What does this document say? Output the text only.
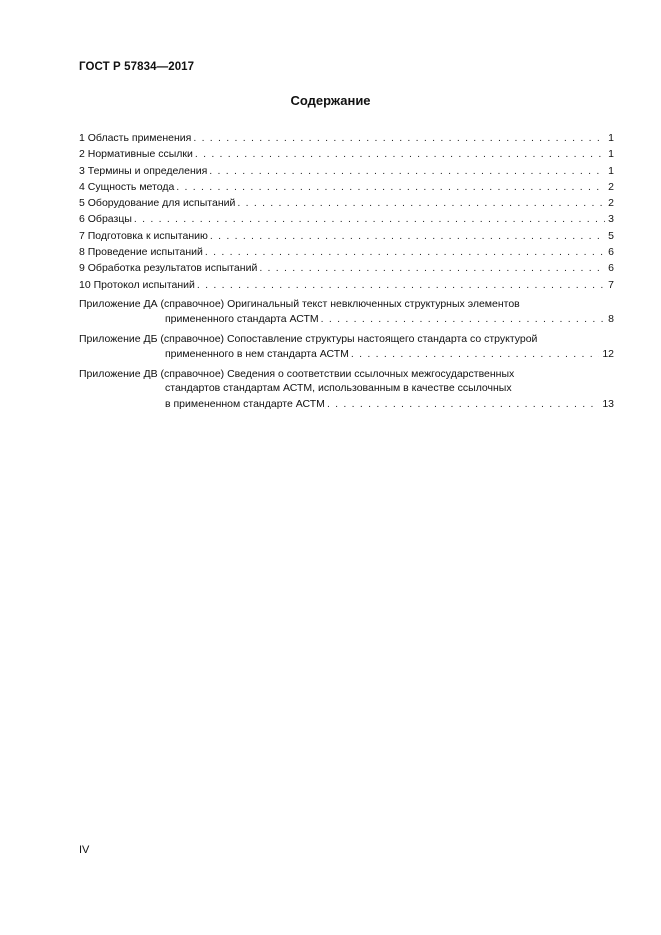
ГОСТ Р 57834—2017
Содержание
1 Область применения . . .	1
2 Нормативные ссылки . . .	1
3 Термины и определения . . .	1
4 Сущность метода . . .	2
5 Оборудование для испытаний . . .	2
6 Образцы . . .	3
7 Подготовка к испытанию . . .	5
8 Проведение испытаний . . .	6
9 Обработка результатов испытаний . . .	6
10 Протокол испытаний . . .	7
Приложение ДА (справочное) Оригинальный текст невключенных структурных элементов
примененного стандарта АСТМ . . .	8
Приложение ДБ (справочное) Сопоставление структуры настоящего стандарта со структурой
примененного в нем стандарта АСТМ . . .	12
Приложение ДВ (справочное) Сведения о соответствии ссылочных межгосударственных
стандартов стандартам АСТМ, использованным в качестве ссылочных
в примененном стандарте АСТМ . . .	13
IV
